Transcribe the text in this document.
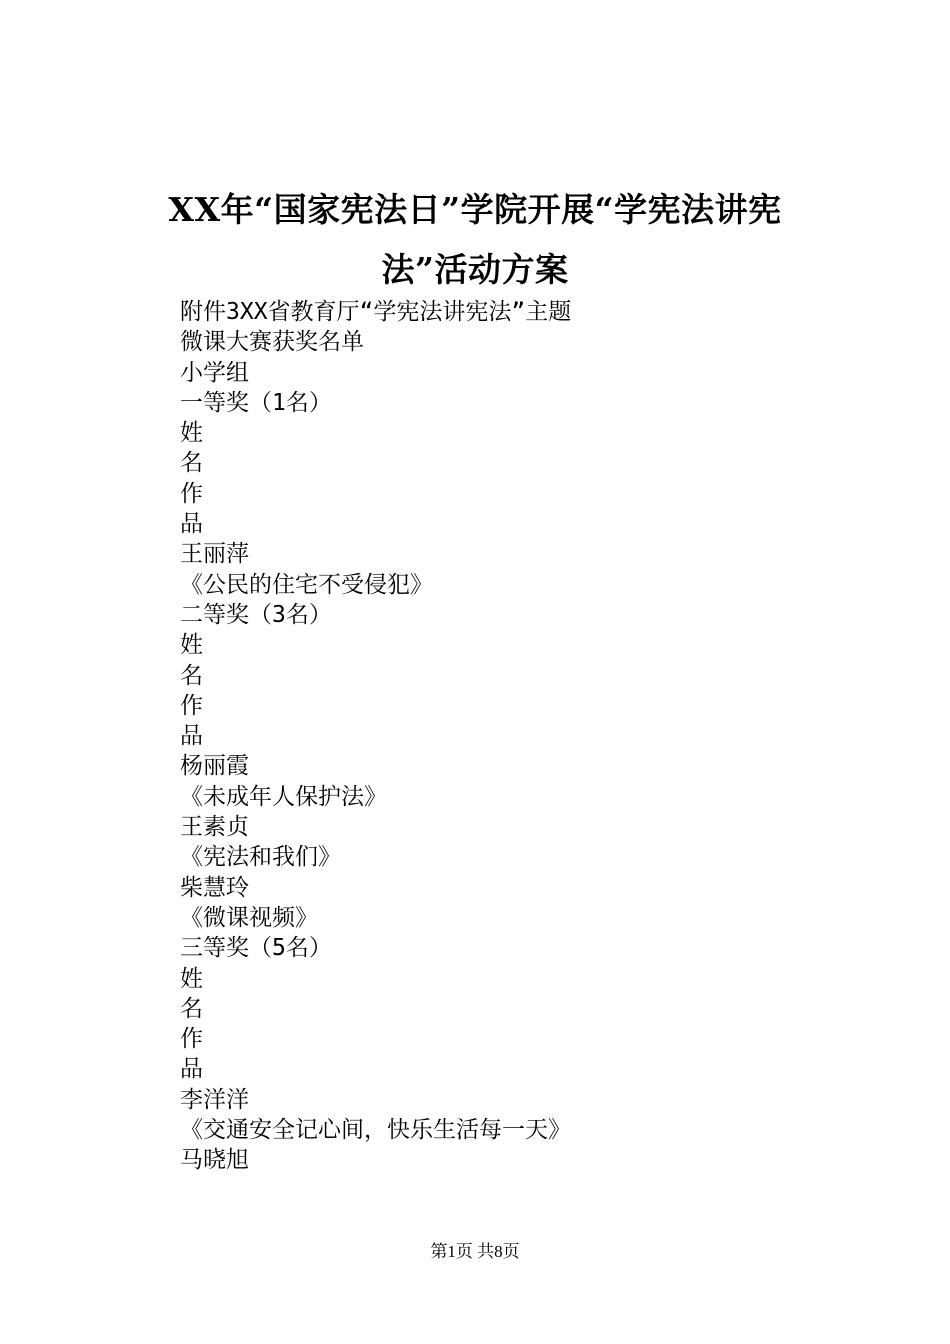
XX年“国家宪法日”学院开展“学宪法讲宪
法”活动方案
附件3XX省教育厅“学宪法讲宪法”主题
微课大赛获奖名单
小学组
一等奖（1名）
姓
名
作
品
王丽萍
《公民的住宅不受侵犯》
二等奖（3名）
姓
名
作
品
杨丽霞
《未成年人保护法》
王素贞
《宪法和我们》
柴慧玲
《微课视频》
三等奖（5名）
姓
名
作
品
李洋洋
《交通安全记心间，快乐生活每一天》
马晓旭
第1页 共8页
